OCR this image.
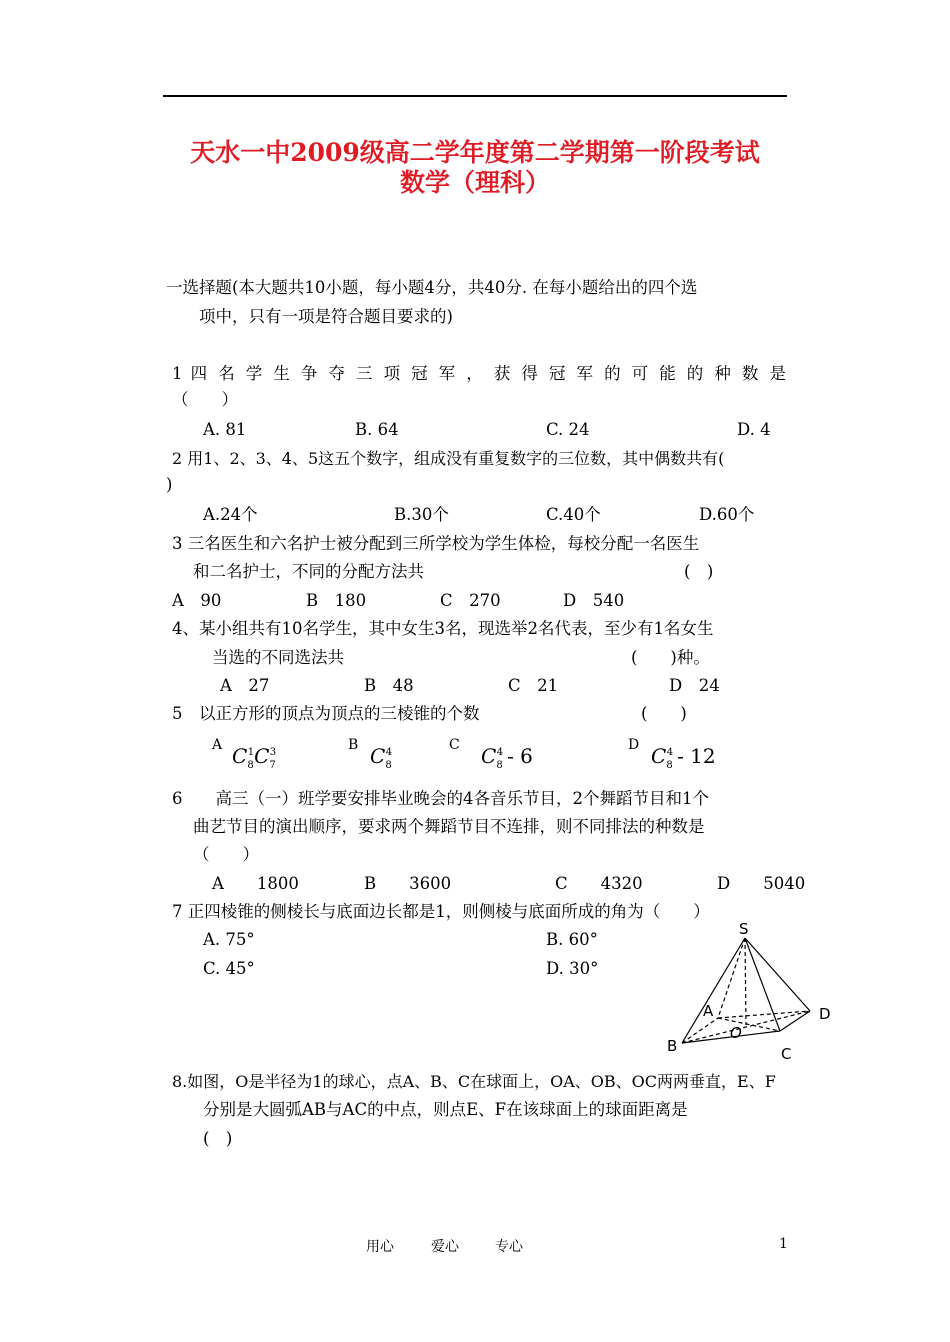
天水一中2009级高二学年度第二学期第一阶段考试
数学（理科）
一选择题(本大题共10小题，每小题4分，共40分. 在每小题给出的四个选
项中，只有一项是符合题目要求的)
1 四 名 学 生 争 夺 三 项 冠 军 ， 获 得 冠 军 的 可 能 的 种 数 是
（　　）
A. 81	B. 64	C. 24	D. 4
2 用1、2、3、4、5这五个数字，组成没有重复数字的三位数，其中偶数共有(
)
A.24个	B.30个	C.40个	D.60个
3 三名医生和六名护士被分配到三所学校为学生体检，每校分配一名医生
和二名护士，不同的分配方法共	(　)
A　90	B　180	C　270	D　540
4、某小组共有10名学生，其中女生3名，现选举2名代表，至少有1名女生
当选的不同选法共	(　　)种。
A　27	B　48	C　21	D　24
5　以正方形的顶点为顶点的三棱锥的个数	(　　)
A $C_8^1C_7^3$	B $C_8^4$	C $C_8^4 - 6$	D $C_8^4 - 12$
6　　高三（一）班学要安排毕业晚会的4各音乐节目，2个舞蹈节目和1个
曲艺节目的演出顺序，要求两个舞蹈节目不连排，则不同排法的种数是
（　　）
A　　1800	B　　3600	C　　4320	D　　5040
7 正四棱锥的侧棱长与底面边长都是1，则侧棱与底面所成的角为（　　）
A. 75°	B. 60°
C. 45°	D. 30°
S
A
B	C
D
O
8.如图，O是半径为1的球心，点A、B、C在球面上，OA、OB、OC两两垂直，E、F
分别是大圆弧AB与AC的中点，则点E、F在该球面上的球面距离是
(　)
用心	爱心	专心	1
